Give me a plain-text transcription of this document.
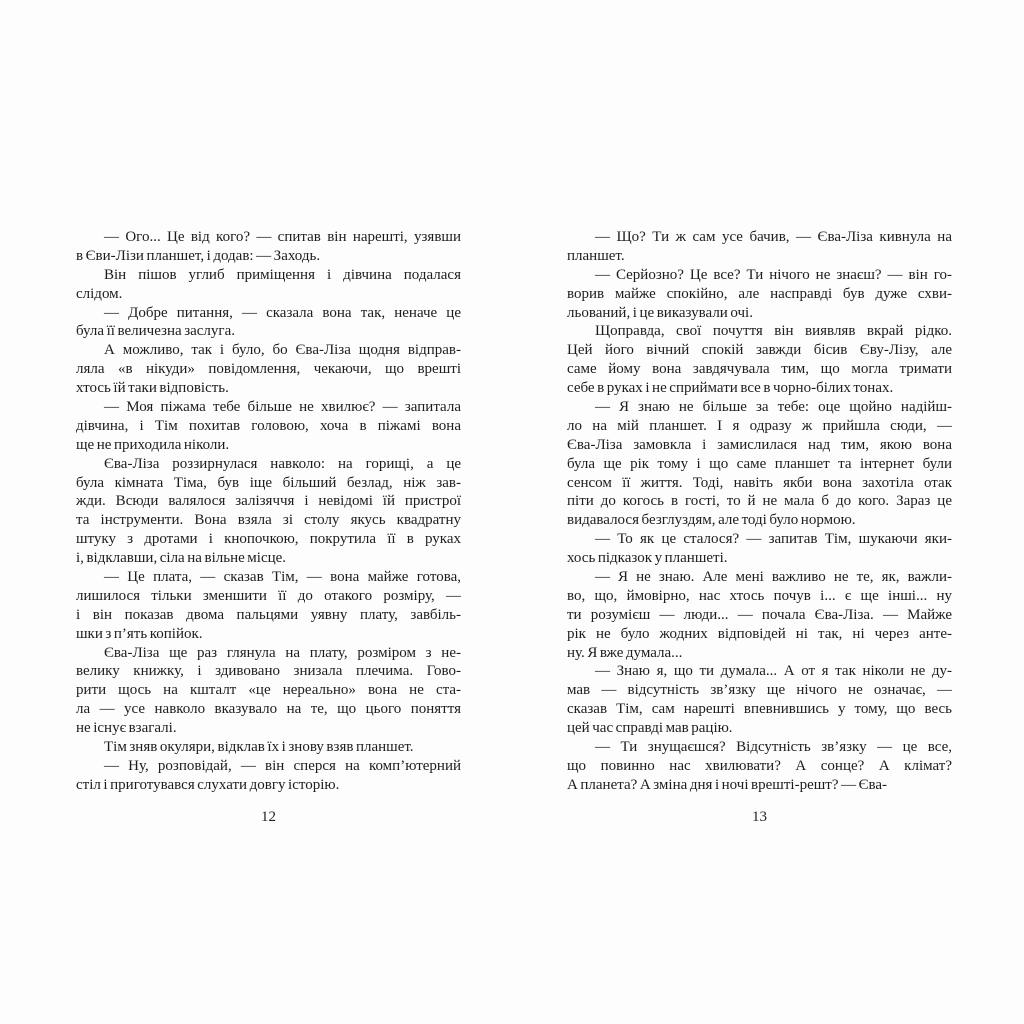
— Ого... Це від кого? — спитав він нарешті, узявши
в Єви-Лізи планшет, і додав: — Заходь.
Він пішов углиб приміщення і дівчина подалася
слідом.
— Добре питання, — сказала вона так, неначе це
була її величезна заслуга.
А можливо, так і було, бо Єва-Ліза щодня відправ-
ляла «в нікуди» повідомлення, чекаючи, що врешті
хтось їй таки відповість.
— Моя піжама тебе більше не хвилює? — запитала
дівчина, і Тім похитав головою, хоча в піжамі вона
ще не приходила ніколи.
Єва-Ліза роззирнулася навколо: на горищі, а це
була кімната Тіма, був іще більший безлад, ніж зав-
жди. Всюди валялося залізяччя і невідомі їй пристрої
та інструменти. Вона взяла зі столу якусь квадратну
штуку з дротами і кнопочкою, покрутила її в руках
і, відклавши, сіла на вільне місце.
— Це плата, — сказав Тім, — вона майже готова,
лишилося тільки зменшити її до отакого розміру, —
і він показав двома пальцями уявну плату, завбіль-
шки з п’ять копійок.
Єва-Ліза ще раз глянула на плату, розміром з не-
велику книжку, і здивовано знизала плечима. Гово-
рити щось на кшталт «це нереально» вона не ста-
ла — усе навколо вказувало на те, що цього поняття
не існує взагалі.
Тім зняв окуляри, відклав їх і знову взяв планшет.
— Ну, розповідай, — він сперся на комп’ютерний
стіл і приготувався слухати довгу історію.
12
— Що? Ти ж сам усе бачив, — Єва-Ліза кивнула на
планшет.
— Серйозно? Це все? Ти нічого не знаєш? — він го-
ворив майже спокійно, але насправді був дуже схви-
льований, і це виказували очі.
Щоправда, свої почуття він виявляв вкрай рідко.
Цей його вічний спокій завжди бісив Єву-Лізу, але
саме йому вона завдячувала тим, що могла тримати
себе в руках і не сприймати все в чорно-білих тонах.
— Я знаю не більше за тебе: оце щойно надійш-
ло на мій планшет. І я одразу ж прийшла сюди, —
Єва-Ліза замовкла і замислилася над тим, якою вона
була ще рік тому і що саме планшет та інтернет були
сенсом її життя. Тоді, навіть якби вона захотіла отак
піти до когось в гості, то й не мала б до кого. Зараз це
видавалося безглуздям, але тоді було нормою.
— То як це сталося? — запитав Тім, шукаючи яки-
хось підказок у планшеті.
— Я не знаю. Але мені важливо не те, як, важли-
во, що, ймовірно, нас хтось почув і... є ще інші... ну
ти розумієш — люди... — почала Єва-Ліза. — Майже
рік не було жодних відповідей ні так, ні через анте-
ну. Я вже думала...
— Знаю я, що ти думала... А от я так ніколи не ду-
мав — відсутність зв’язку ще нічого не означає, —
сказав Тім, сам нарешті впевнившись у тому, що весь
цей час справді мав рацію.
— Ти знущаєшся? Відсутність зв’язку — це все,
що повинно нас хвилювати? А сонце? А клімат?
А планета? А зміна дня і ночі врешті-решт? — Єва-
13
